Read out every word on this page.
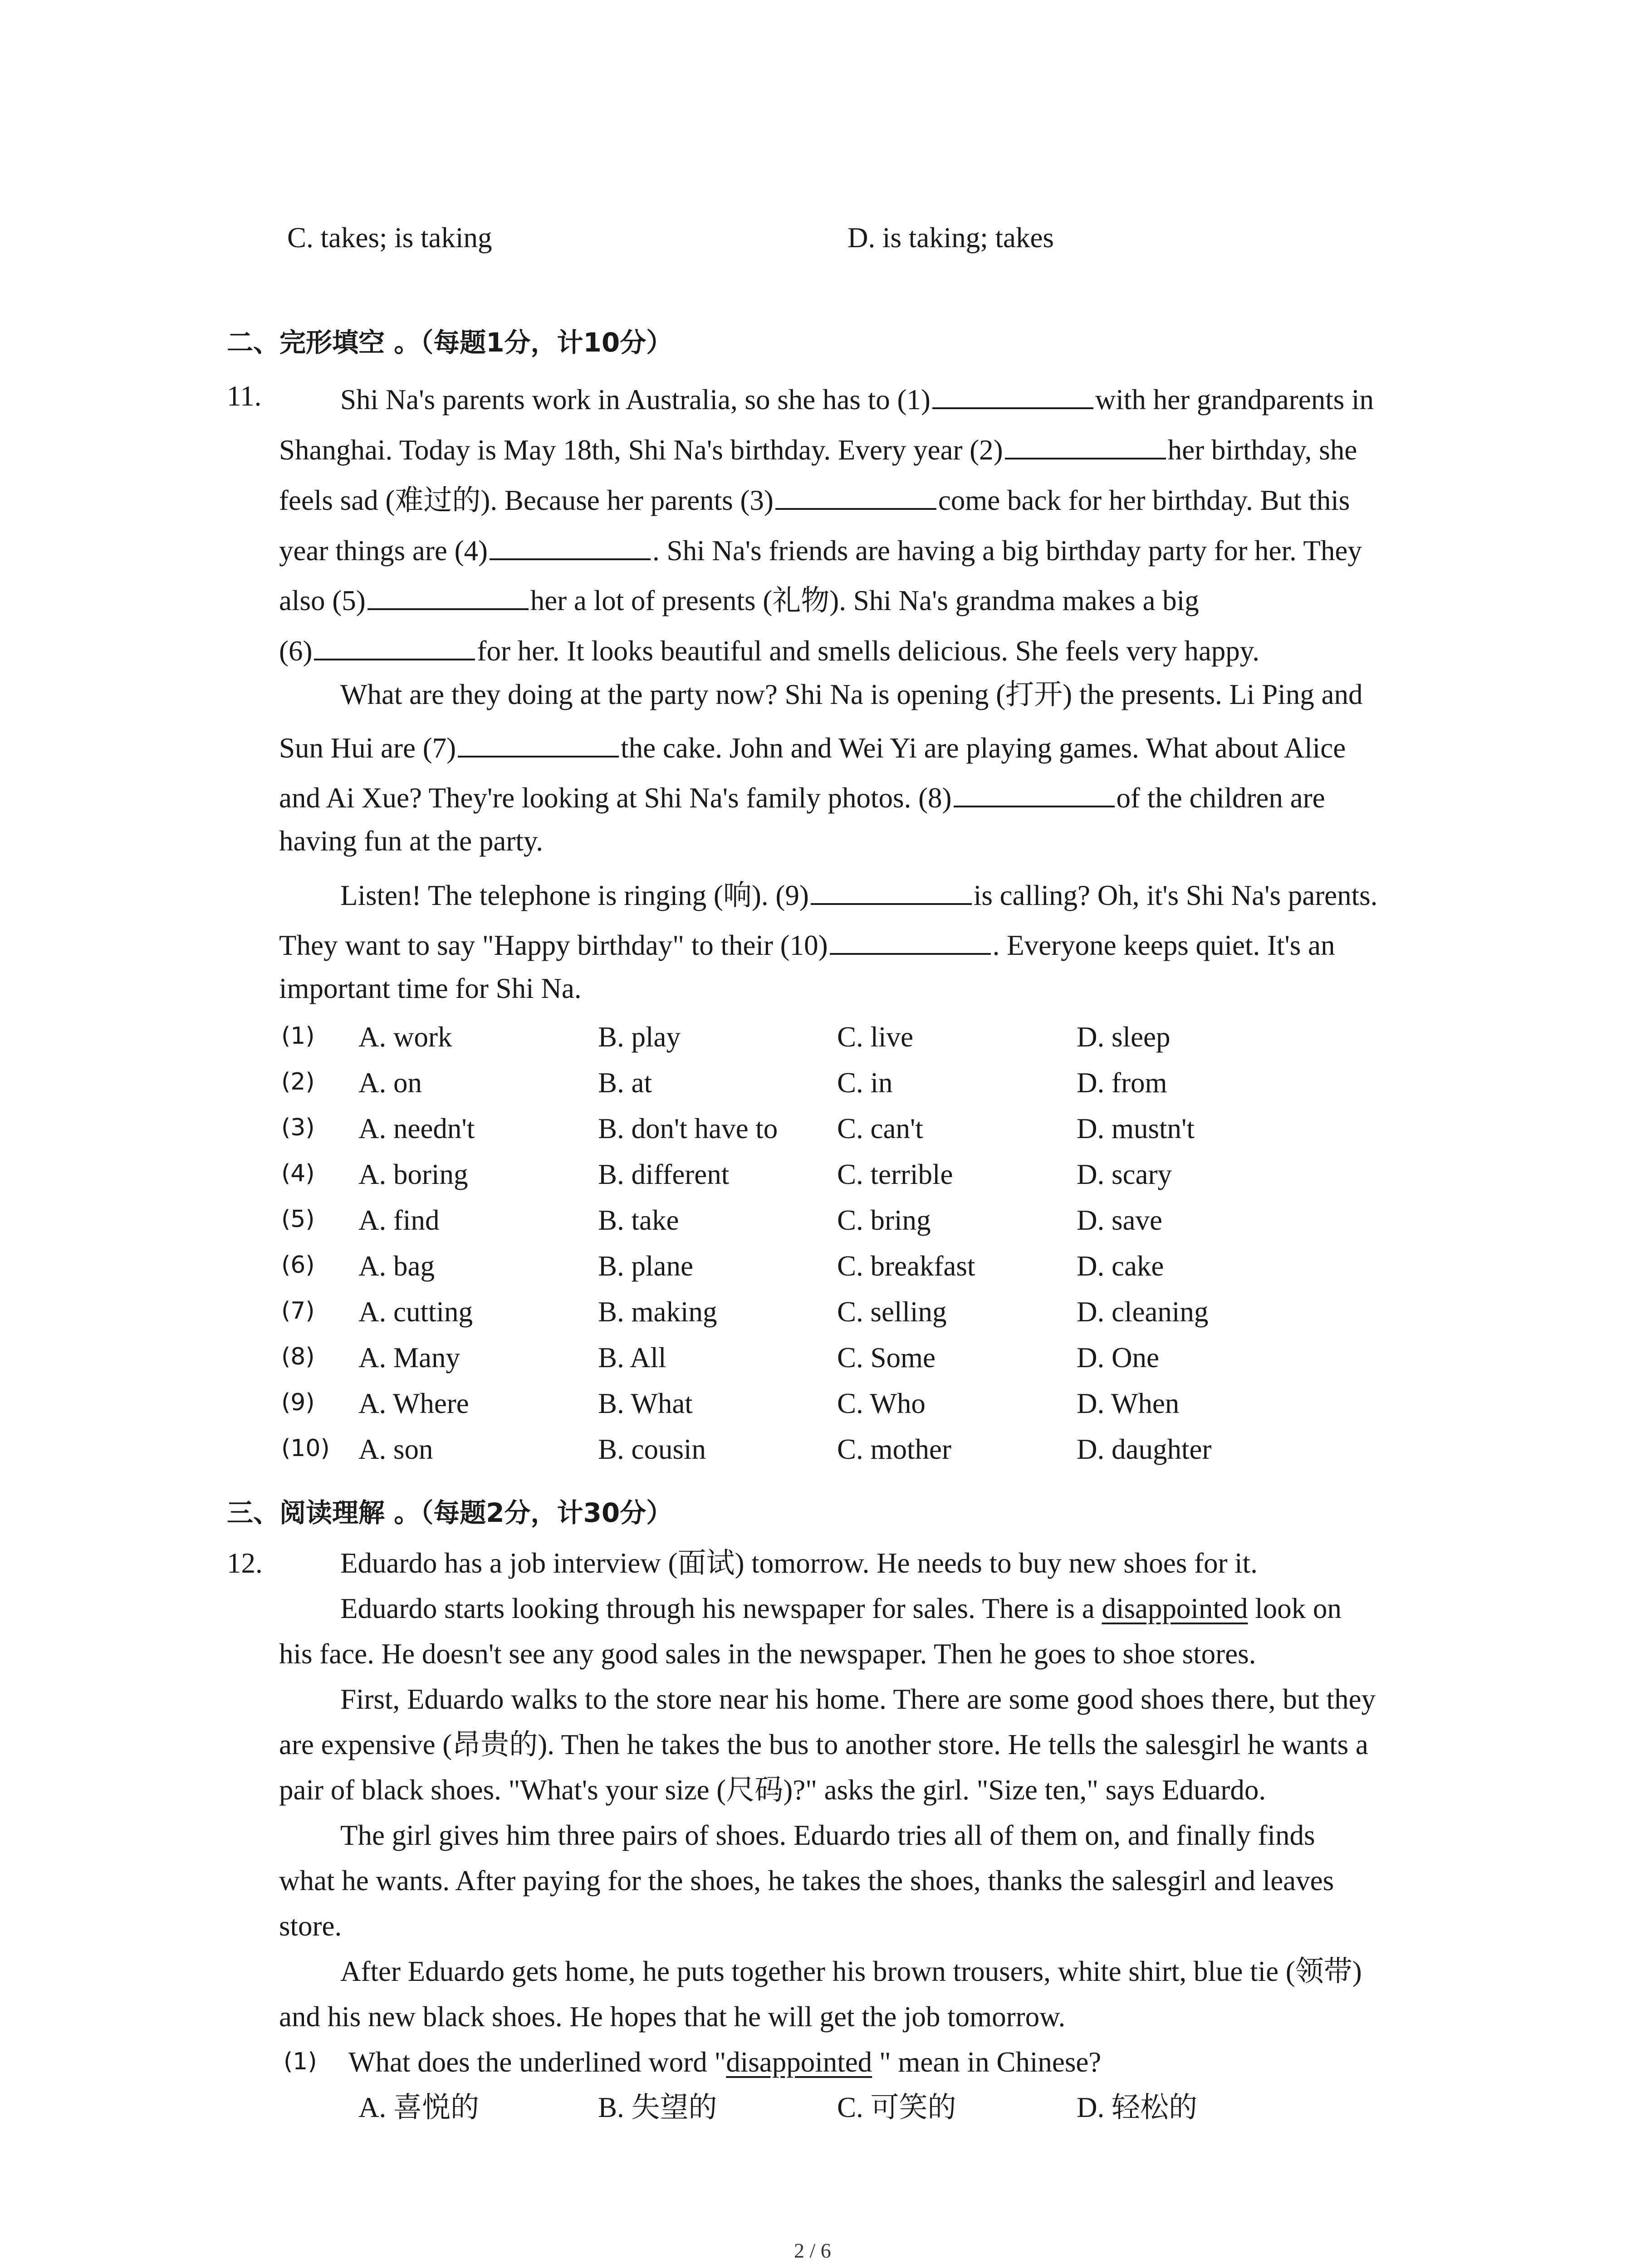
C. takes; is taking	D. is taking; takes
二、完形填空 。（每题1分，计10分）
11.	Shi Na's parents work in Australia, so she has to (1)	with her grandparents in
Shanghai. Today is May 18th, Shi Na's birthday. Every year (2)	her birthday, she
feels sad (难过的). Because her parents (3)	come back for her birthday. But this
year things are (4)	. Shi Na's friends are having a big birthday party for her. They
also (5)	her a lot of presents (礼物). Shi Na's grandma makes a big
(6)	for her. It looks beautiful and smells delicious. She feels very happy.
What are they doing at the party now? Shi Na is opening (打开) the presents. Li Ping and
Sun Hui are (7)	the cake. John and Wei Yi are playing games. What about Alice
and Ai Xue? They're looking at Shi Na's family photos. (8)	of the children are
having fun at the party.
Listen! The telephone is ringing (响). (9)	is calling? Oh, it's Shi Na's parents.
They want to say "Happy birthday" to their (10)	. Everyone keeps quiet. It's an
important time for Shi Na.
(1) A. work	B. play	C. live	D. sleep
(2) A. on	B. at	C. in	D. from
(3) A. needn't	B. don't have to C. can't	D. mustn't
(4) A. boring	B. different	C. terrible	D. scary
(5) A. find	B. take	C. bring	D. save
(6) A. bag	B. plane	C. breakfast	D. cake
(7) A. cutting	B. making	C. selling	D. cleaning
(8) A. Many	B. All	C. Some	D. One
(9) A. Where	B. What	C. Who	D. When
(10) A. son	B. cousin	C. mother	D. daughter
三、阅读理解 。（每题2分，计30分）
12.	Eduardo has a job interview (面试) tomorrow. He needs to buy new shoes for it.
Eduardo starts looking through his newspaper for sales. There is a disappointed look on
his face. He doesn't see any good sales in the newspaper. Then he goes to shoe stores.
First, Eduardo walks to the store near his home. There are some good shoes there, but they
are expensive (昂贵的). Then he takes the bus to another store. He tells the salesgirl he wants a
pair of black shoes. "What's your size (尺码)?" asks the girl. "Size ten," says Eduardo.
The girl gives him three pairs of shoes. Eduardo tries all of them on, and finally finds
what he wants. After paying for the shoes, he takes the shoes, thanks the salesgirl and leaves
store.
After Eduardo gets home, he puts together his brown trousers, white shirt, blue tie (领带)
and his new black shoes. He hopes that he will get the job tomorrow.
(1) What does the underlined word "disappointed " mean in Chinese?
A. 喜悦的	B. 失望的	C. 可笑的	D. 轻松的
2 / 6
